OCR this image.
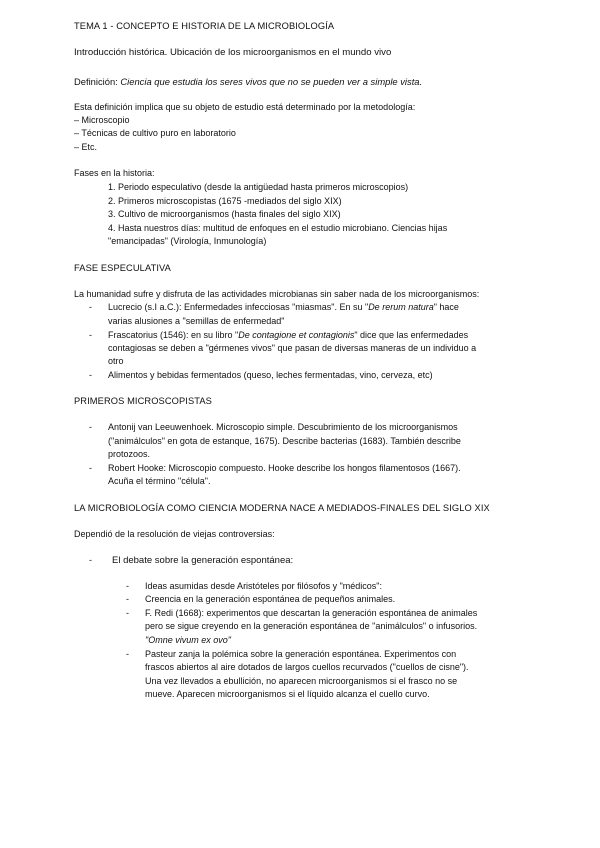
TEMA 1 - CONCEPTO E HISTORIA DE LA MICROBIOLOGÍA
Introducción histórica. Ubicación de los microorganismos en el mundo vivo
Definición: Ciencia que estudia los seres vivos que no se pueden ver a simple vista.
Esta definición implica que su objeto de estudio está determinado por la metodología:
– Microscopio
– Técnicas de cultivo puro en laboratorio
– Etc.
Fases en la historia:
1. Periodo especulativo (desde la antigüedad hasta primeros microscopios)
2. Primeros microscopistas (1675 -mediados del siglo XIX)
3. Cultivo de microorganismos (hasta finales del siglo XIX)
4. Hasta nuestros días: multitud de enfoques en el estudio microbiano. Ciencias hijas
"emancipadas" (Virología, Inmunología)
FASE ESPECULATIVA
La humanidad sufre y disfruta de las actividades microbianas sin saber nada de los microorganismos:
- Lucrecio (s.I a.C.): Enfermedades infecciosas "miasmas". En su "De rerum natura" hace
varias alusiones a "semillas de enfermedad"
- Frascatorius (1546): en su libro "De contagione et contagionis" dice que las enfermedades
contagiosas se deben a "gérmenes vivos" que pasan de diversas maneras de un individuo a
otro
- Alimentos y bebidas fermentados (queso, leches fermentadas, vino, cerveza, etc)
PRIMEROS MICROSCOPISTAS
- Antonij van Leeuwenhoek. Microscopio simple. Descubrimiento de los microorganismos
("animálculos" en gota de estanque, 1675). Describe bacterias (1683). También describe
protozoos.
- Robert Hooke: Microscopio compuesto. Hooke describe los hongos filamentosos (1667).
Acuña el término "célula".
LA MICROBIOLOGÍA COMO CIENCIA MODERNA NACE A MEDIADOS-FINALES DEL SIGLO XIX
Dependió de la resolución de viejas controversias:
- El debate sobre la generación espontánea:
- Ideas asumidas desde Aristóteles por filósofos y "médicos":
- Creencia en la generación espontánea de pequeños animales.
- F. Redi (1668): experimentos que descartan la generación espontánea de animales
pero se sigue creyendo en la generación espontánea de "animálculos" o infusorios.
"Omne vivum ex ovo"
- Pasteur zanja la polémica sobre la generación espontánea. Experimentos con
frascos abiertos al aire dotados de largos cuellos recurvados ("cuellos de cisne").
Una vez llevados a ebullición, no aparecen microorganismos si el frasco no se
mueve. Aparecen microorganismos si el líquido alcanza el cuello curvo.
